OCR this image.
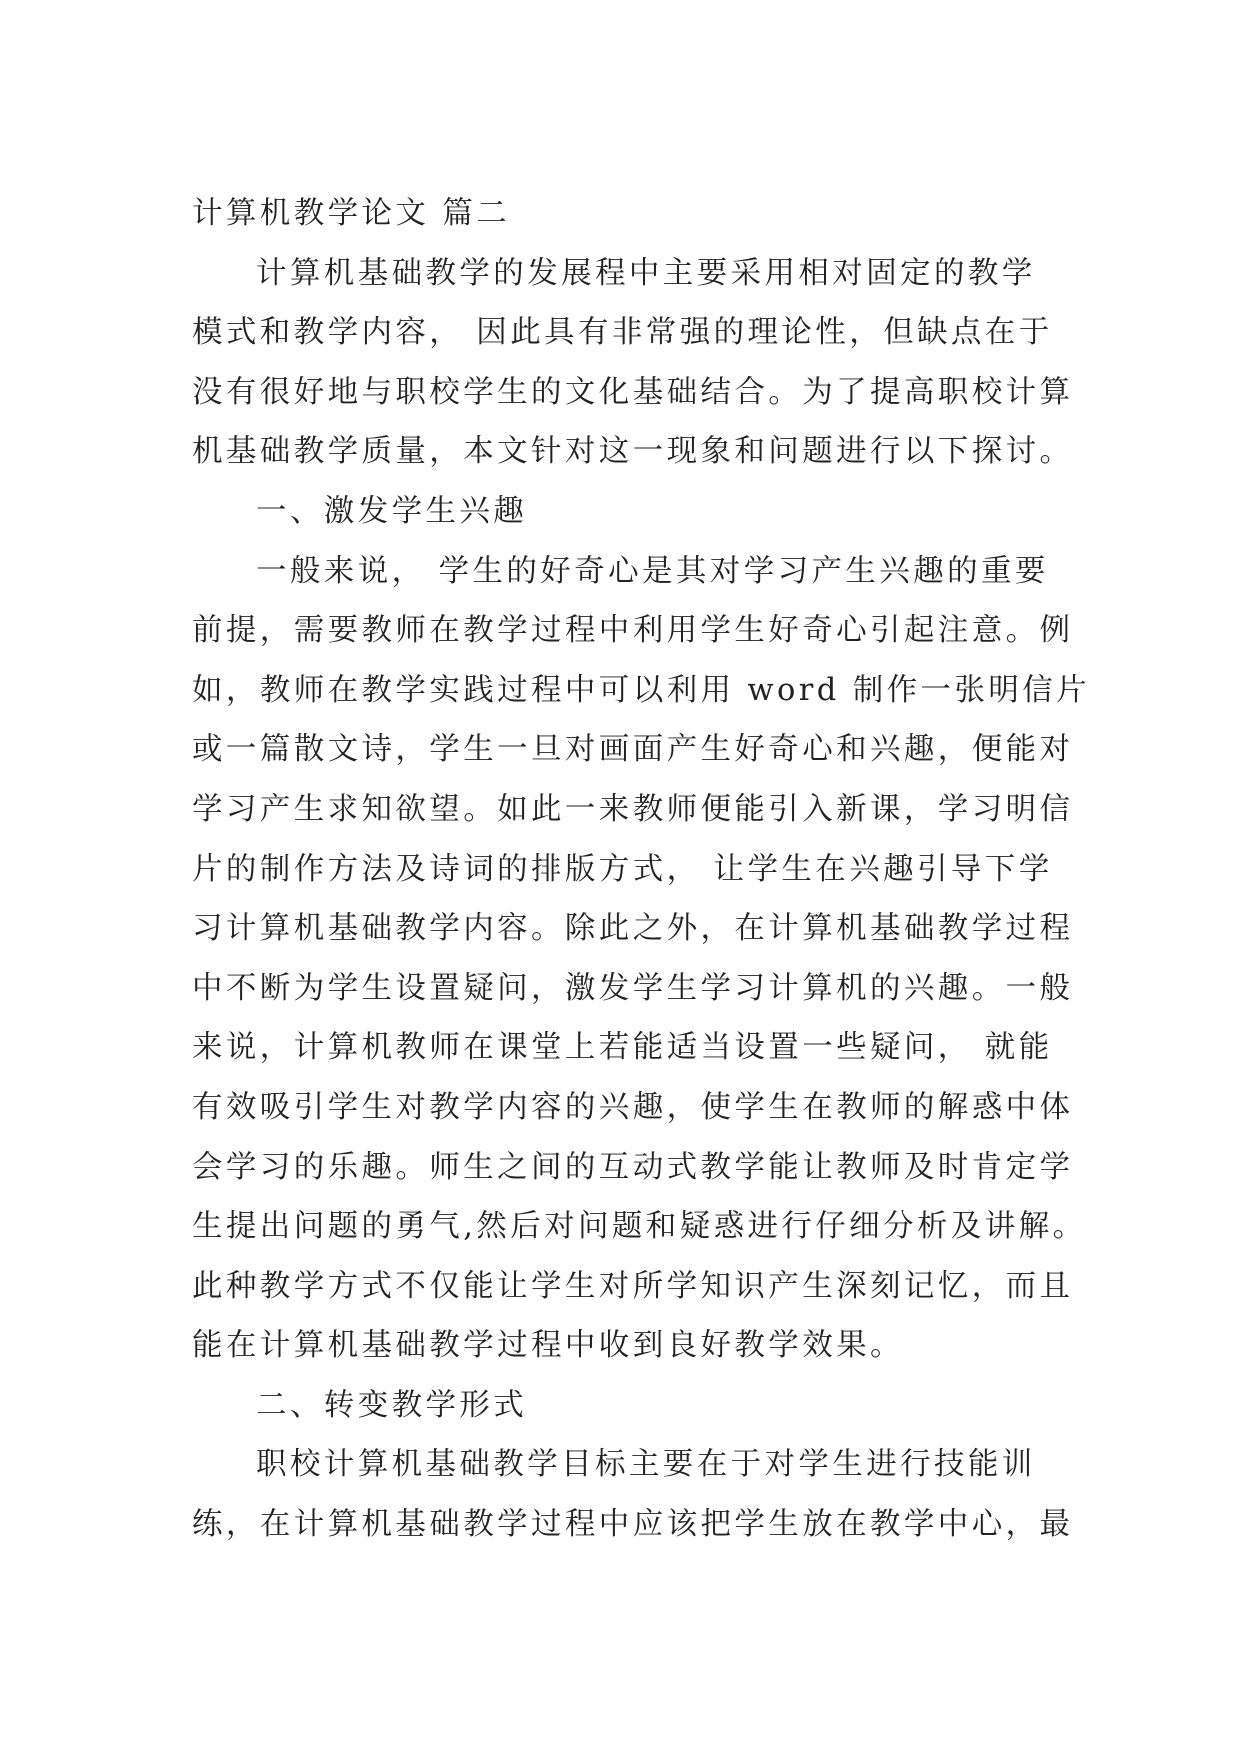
计算机教学论文 篇二
计算机基础教学的发展程中主要采用相对固定的教学
模式和教学内容， 因此具有非常强的理论性，但缺点在于
没有很好地与职校学生的文化基础结合。为了提高职校计算
机基础教学质量，本文针对这一现象和问题进行以下探讨。
一、激发学生兴趣
一般来说， 学生的好奇心是其对学习产生兴趣的重要
前提，需要教师在教学过程中利用学生好奇心引起注意。例
如，教师在教学实践过程中可以利用 word 制作一张明信片
或一篇散文诗，学生一旦对画面产生好奇心和兴趣，便能对
学习产生求知欲望。如此一来教师便能引入新课，学习明信
片的制作方法及诗词的排版方式， 让学生在兴趣引导下学
习计算机基础教学内容。除此之外，在计算机基础教学过程
中不断为学生设置疑问，激发学生学习计算机的兴趣。一般
来说，计算机教师在课堂上若能适当设置一些疑问， 就能
有效吸引学生对教学内容的兴趣，使学生在教师的解惑中体
会学习的乐趣。师生之间的互动式教学能让教师及时肯定学
生提出问题的勇气,然后对问题和疑惑进行仔细分析及讲解。
此种教学方式不仅能让学生对所学知识产生深刻记忆，而且
能在计算机基础教学过程中收到良好教学效果。
二、转变教学形式
职校计算机基础教学目标主要在于对学生进行技能训
练，在计算机基础教学过程中应该把学生放在教学中心，最
